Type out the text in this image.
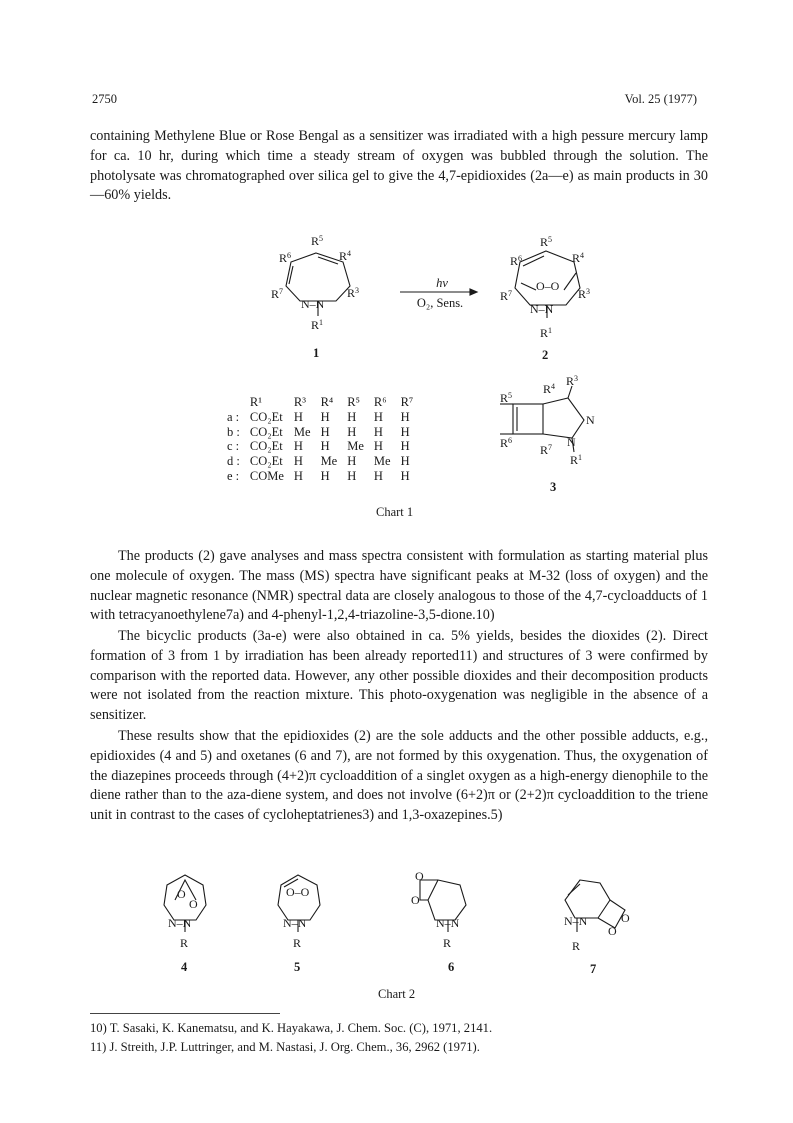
2750	Vol. 25 (1977)

containing Methylene Blue or Rose Bengal as a sensitizer was irradiated with a high pessure mercury lamp for ca. 10 hr, during which time a steady stream of oxygen was bubbled through the solution. The photolysate was chromatographed over silica gel to give the 4,7-epidioxides (2a—e) as main products in 30—60% yields.

$R^5$
$R^6$	$R^4$
$R^7$	$R^3$
N–N
$R^1$
$R^5$
$R^6$	$R^4$
O–O
$R^7$	$R^3$
N–N
$R^1$
$R^4$ $R^3$
$R^5$
N
N
$R^6$
$R^7$
$R^1$
hν
O₂, Sens.
1	2
3
	R¹	R³	R⁴	R⁵	R⁶	R⁷
a :	CO₂Et	H	H	H	H	H
b :	CO₂Et	Me	H	H	H	H
c :	CO₂Et	H	H	Me	H	H
d :	CO₂Et	H	Me	H	Me	H
e :	COMe	H	H	H	H	H
Chart 1

The products (2) gave analyses and mass spectra consistent with formulation as starting material plus one molecule of oxygen. The mass (MS) spectra have significant peaks at M-32 (loss of oxygen) and the nuclear magnetic resonance (NMR) spectral data are closely analogous to those of the 4,7-cycloadducts of 1 with tetracyanoethylene7a) and 4-phenyl-1,2,4-triazoline-3,5-dione.10)

The bicyclic products (3a-e) were also obtained in ca. 5% yields, besides the dioxides (2). Direct formation of 3 from 1 by irradiation has been already reported11) and structures of 3 were confirmed by comparison with the reported data. However, any other possible dioxides and their decomposition products were not isolated from the reaction mixture. This photo-oxygenation was negligible in the absence of a sensitizer.

These results show that the epidioxides (2) are the sole adducts and the other possible adducts, e.g., epidioxides (4 and 5) and oxetanes (6 and 7), are not formed by this oxygenation. Thus, the oxygenation of the diazepines proceeds through (4+2)π cycloaddition of a singlet oxygen as a high-energy dienophile to the diene rather than to the aza-diene system, and does not involve (6+2)π or (2+2)π cycloaddition to the triene unit in contrast to the cases of cycloheptatrienes3) and 1,3-oxazepines.5)

O
O
N–N
R
O–O
N–N
R
O
O
N–N
R
N–N	O
O
R
4	5	6	7
Chart 2
10) T. Sasaki, K. Kanematsu, and K. Hayakawa, J. Chem. Soc. (C), 1971, 2141.
11) J. Streith, J.P. Luttringer, and M. Nastasi, J. Org. Chem., 36, 2962 (1971).
